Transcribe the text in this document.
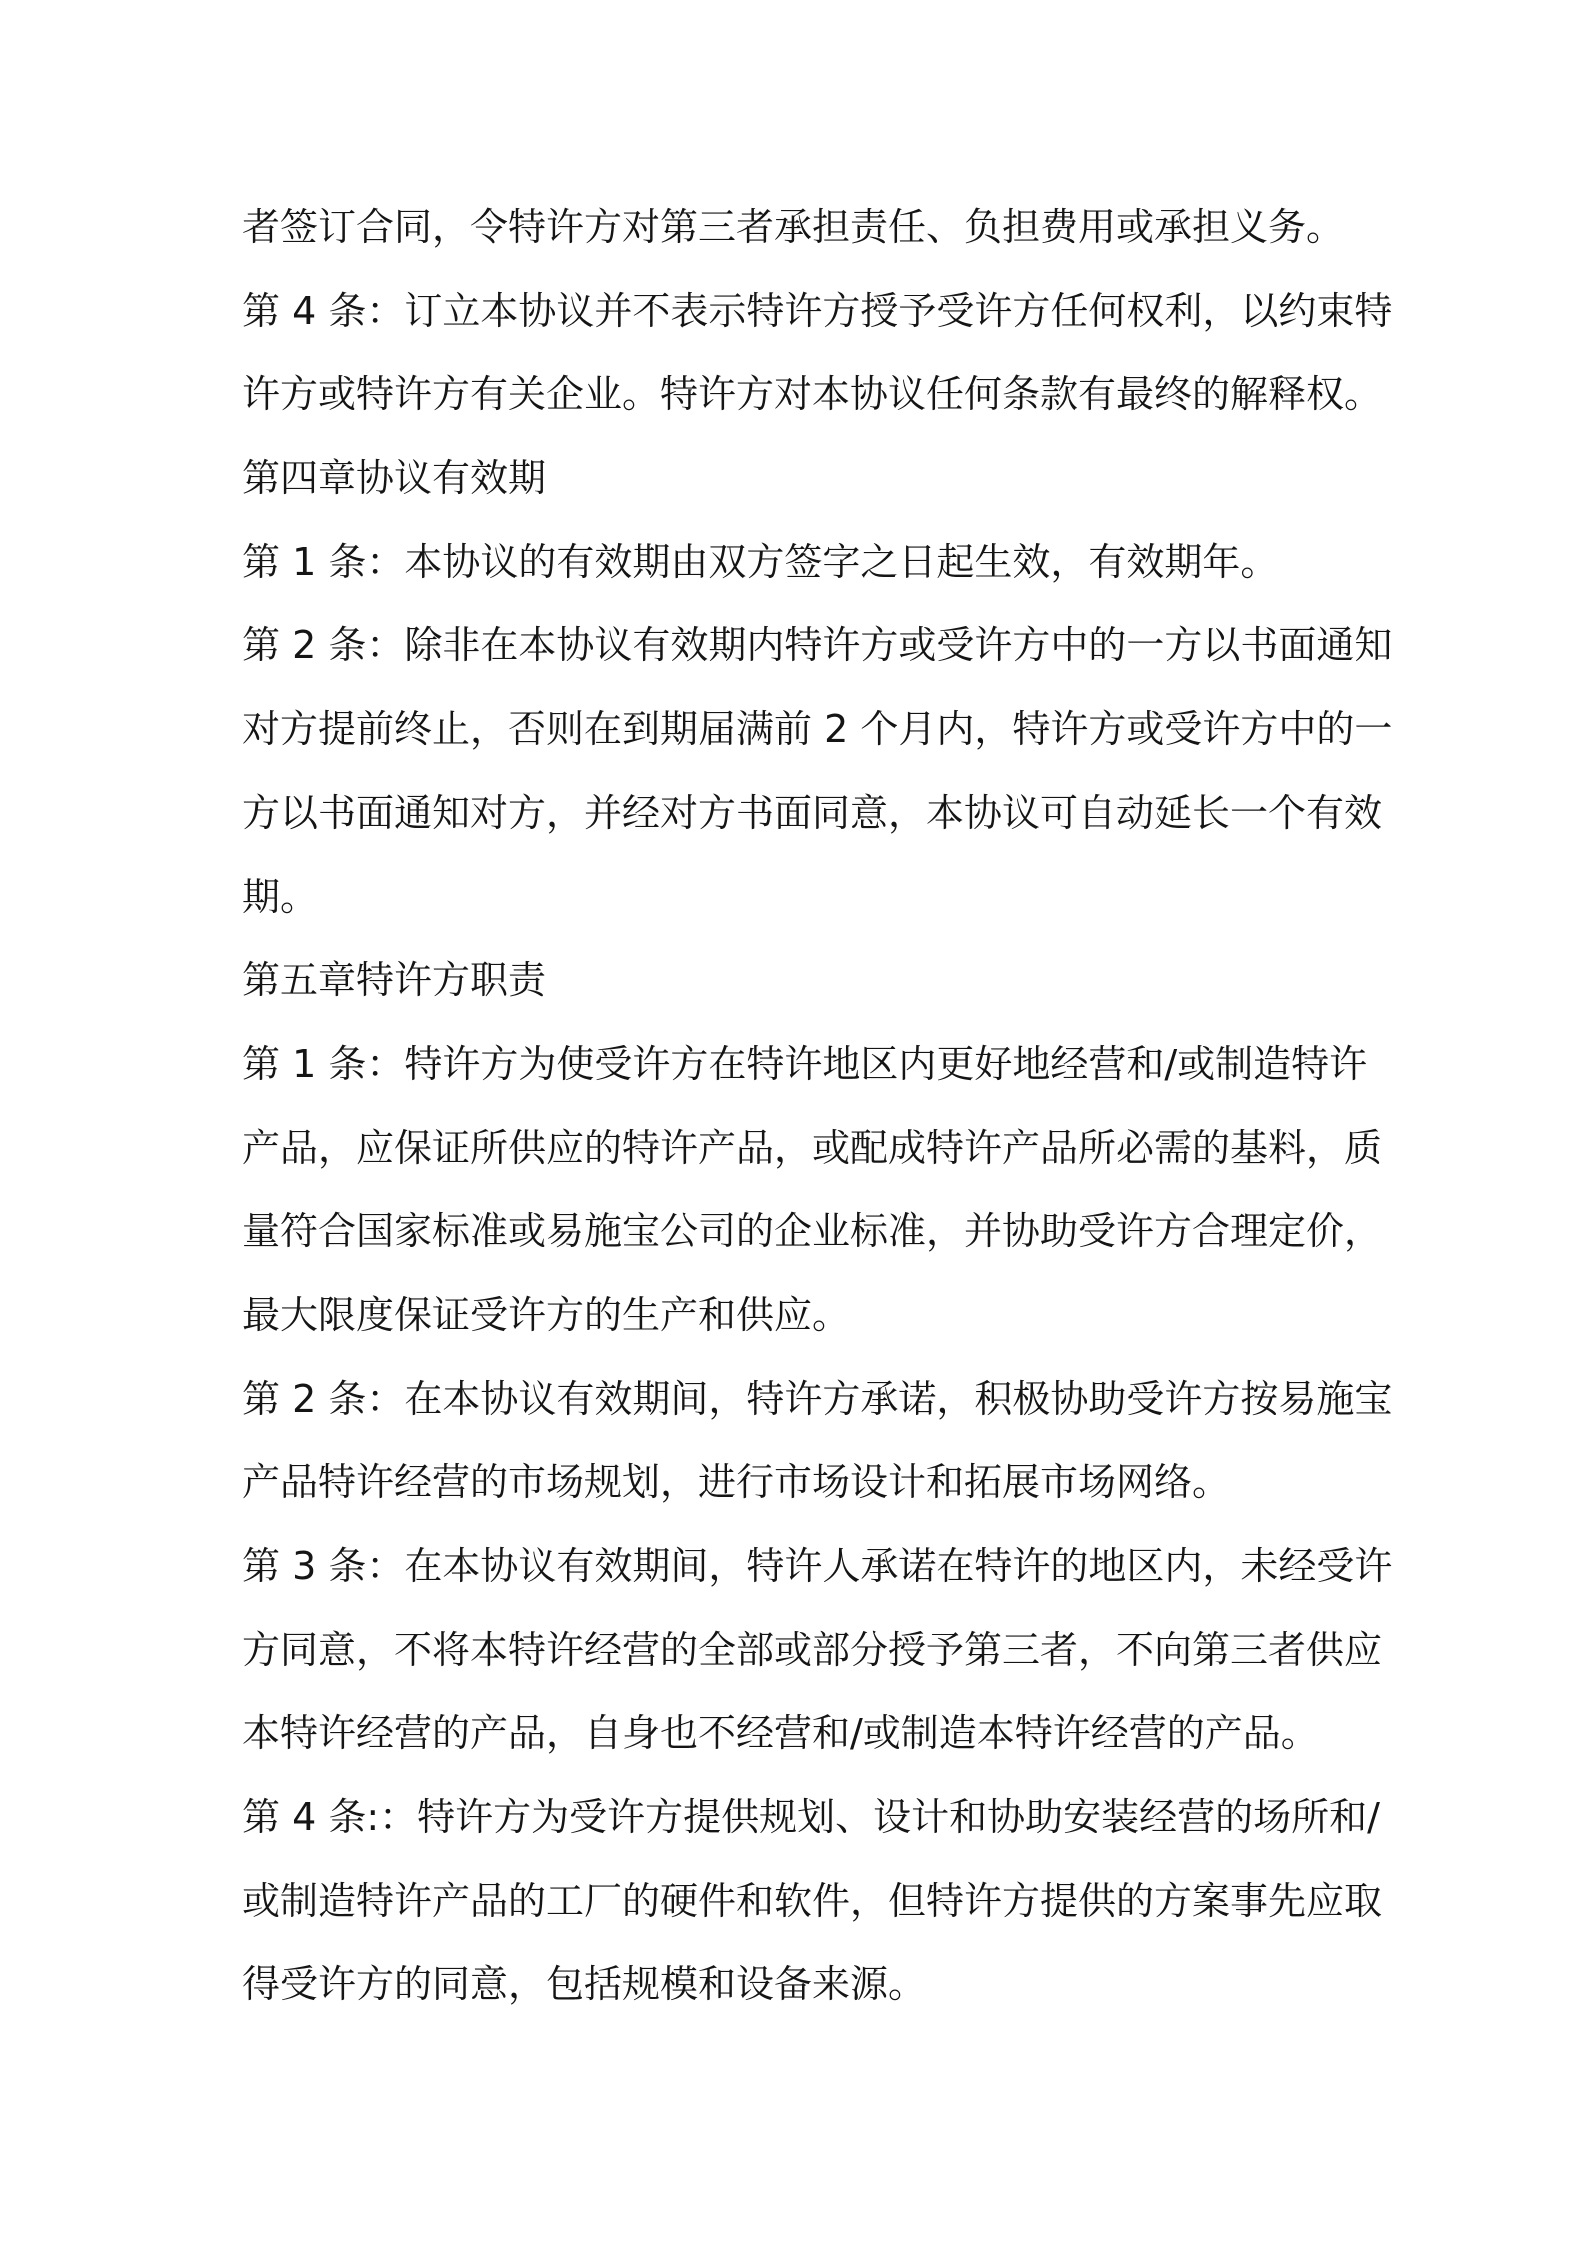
者签订合同，令特许方对第三者承担责任、负担费用或承担义务。

第 4 条：订立本协议并不表示特许方授予受许方任何权利，以约束特
许方或特许方有关企业。特许方对本协议任何条款有最终的解释权。

第四章协议有效期

第 1 条：本协议的有效期由双方签字之日起生效，有效期年。

第 2 条：除非在本协议有效期内特许方或受许方中的一方以书面通知
对方提前终止，否则在到期届满前 2 个月内，特许方或受许方中的一
方以书面通知对方，并经对方书面同意，本协议可自动延长一个有效
期。

第五章特许方职责

第 1 条：特许方为使受许方在特许地区内更好地经营和/或制造特许
产品，应保证所供应的特许产品，或配成特许产品所必需的基料，质
量符合国家标准或易施宝公司的企业标准，并协助受许方合理定价，
最大限度保证受许方的生产和供应。

第 2 条：在本协议有效期间，特许方承诺，积极协助受许方按易施宝
产品特许经营的市场规划，进行市场设计和拓展市场网络。

第 3 条：在本协议有效期间，特许人承诺在特许的地区内，未经受许
方同意，不将本特许经营的全部或部分授予第三者，不向第三者供应
本特许经营的产品，自身也不经营和/或制造本特许经营的产品。

第 4 条:：特许方为受许方提供规划、设计和协助安装经营的场所和/
或制造特许产品的工厂的硬件和软件，但特许方提供的方案事先应取
得受许方的同意，包括规模和设备来源。
